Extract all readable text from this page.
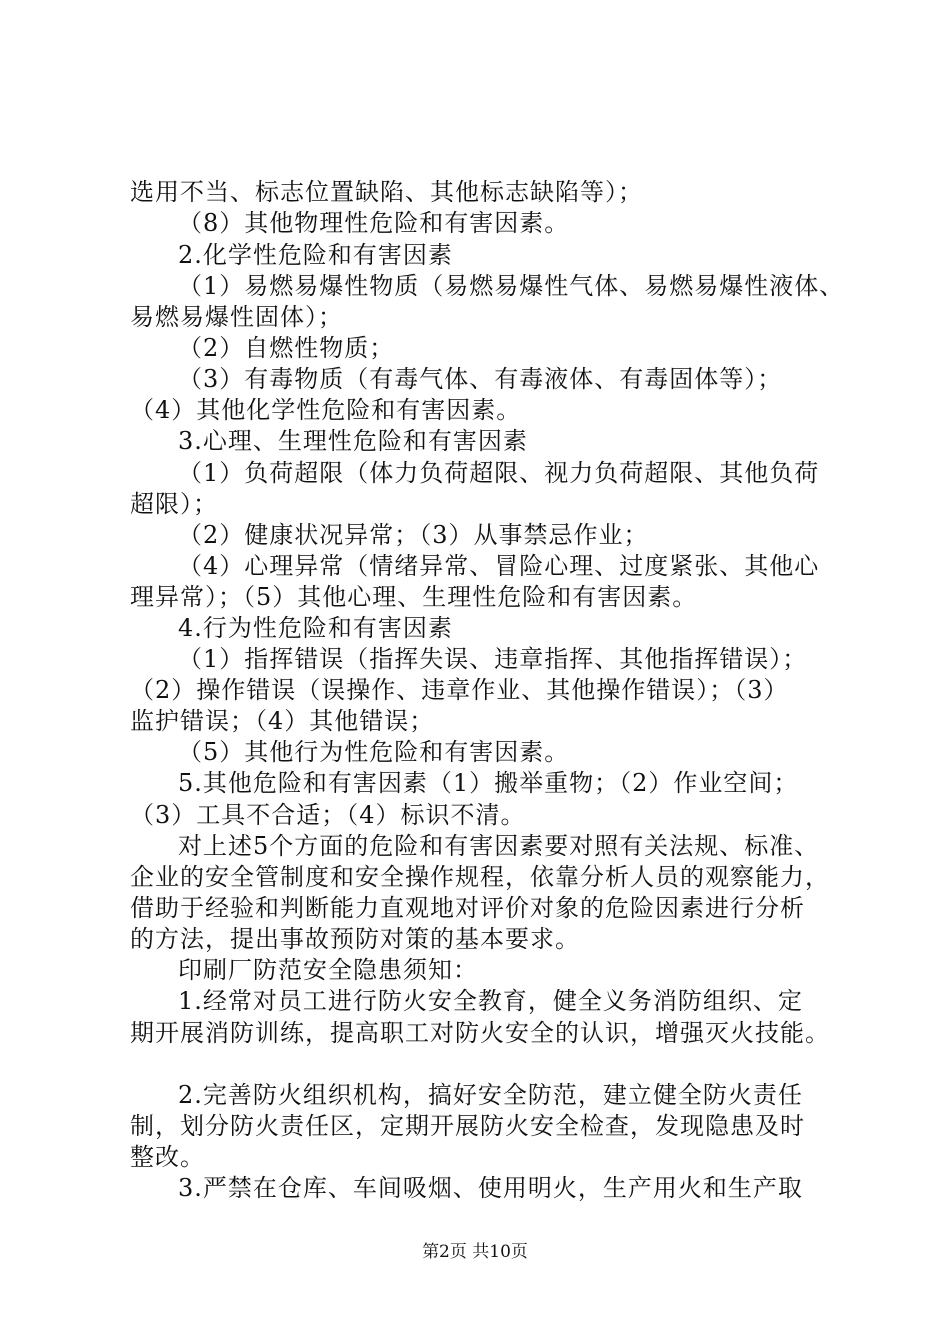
选用不当、标志位置缺陷、其他标志缺陷等）；
（8）其他物理性危险和有害因素。
2.化学性危险和有害因素
（1）易燃易爆性物质（易燃易爆性气体、易燃易爆性液体、
易燃易爆性固体）；
（2）自燃性物质；
（3）有毒物质（有毒气体、有毒液体、有毒固体等）；
（4）其他化学性危险和有害因素。
3.心理、生理性危险和有害因素
（1）负荷超限（体力负荷超限、视力负荷超限、其他负荷
超限）；
（2）健康状况异常；（3）从事禁忌作业；
（4）心理异常（情绪异常、冒险心理、过度紧张、其他心
理异常）；（5）其他心理、生理性危险和有害因素。
4.行为性危险和有害因素
（1）指挥错误（指挥失误、违章指挥、其他指挥错误）；
（2）操作错误（误操作、违章作业、其他操作错误）；（3）
监护错误；（4）其他错误；
（5）其他行为性危险和有害因素。
5.其他危险和有害因素（1）搬举重物；（2）作业空间；
（3）工具不合适；（4）标识不清。
对上述5个方面的危险和有害因素要对照有关法规、标准、
企业的安全管制度和安全操作规程，依靠分析人员的观察能力，
借助于经验和判断能力直观地对评价对象的危险因素进行分析
的方法，提出事故预防对策的基本要求。
印刷厂防范安全隐患须知：
1.经常对员工进行防火安全教育，健全义务消防组织、定
期开展消防训练，提高职工对防火安全的认识，增强灭火技能。
2.完善防火组织机构，搞好安全防范，建立健全防火责任
制，划分防火责任区，定期开展防火安全检查，发现隐患及时
整改。
3.严禁在仓库、车间吸烟、使用明火，生产用火和生产取
第2页 共10页
